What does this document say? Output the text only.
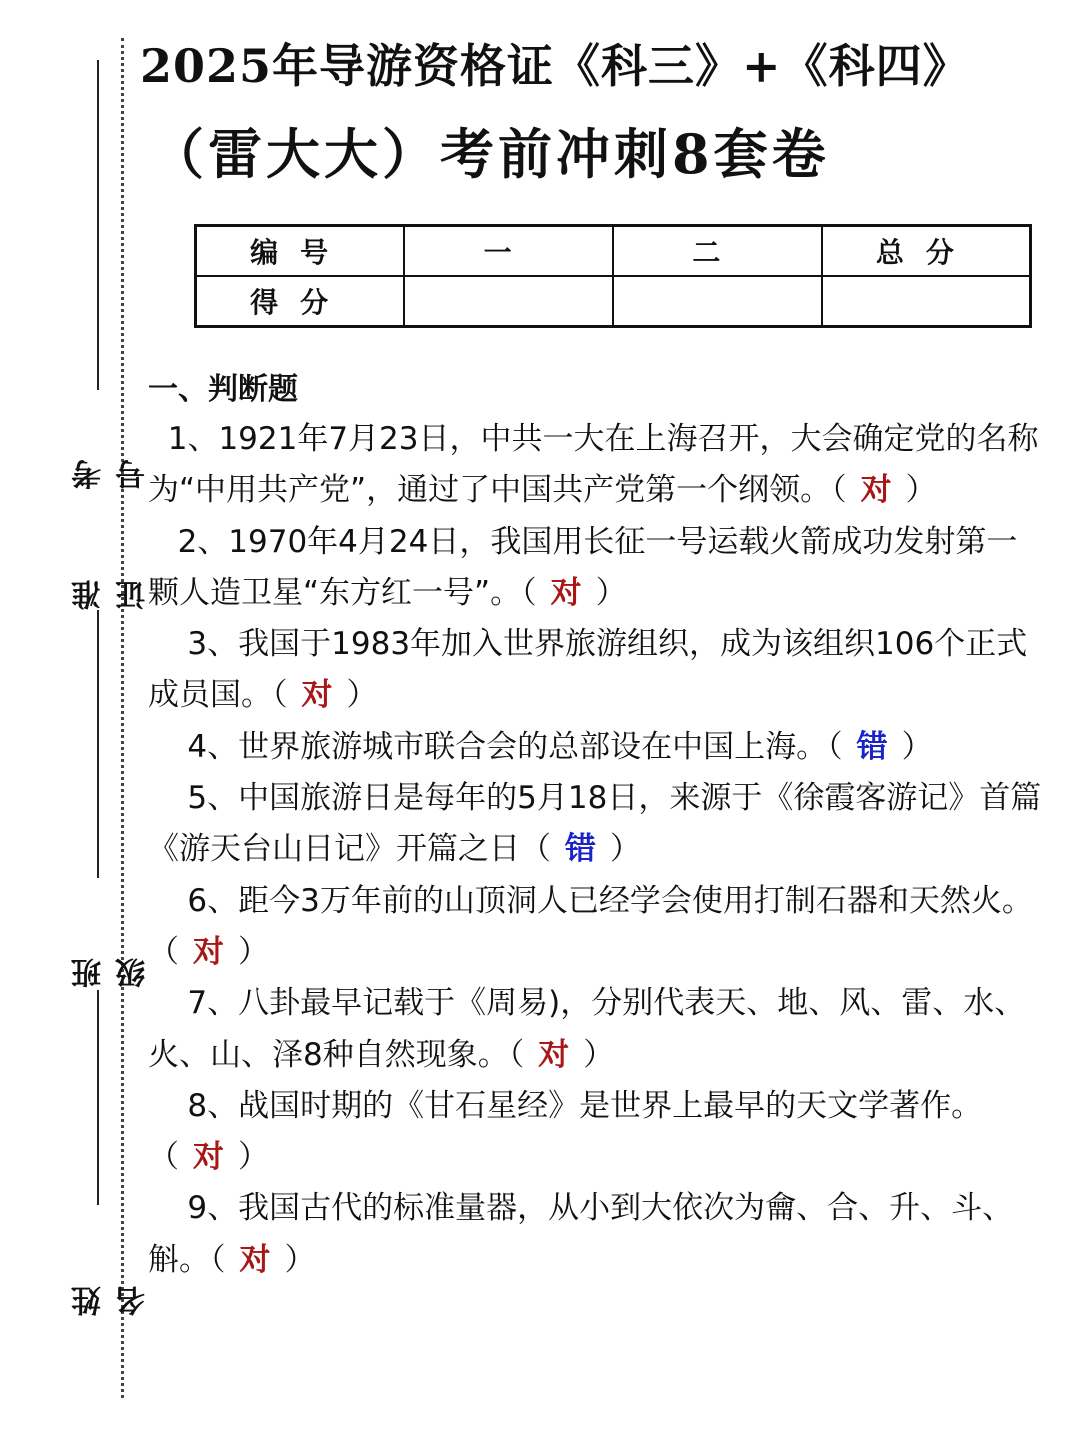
准 考 证 号
班 级
姓 名
2025年导游资格证《科三》+《科四》
（雷大大）考前冲刺8套卷
编号	一	二	总分
得分			
一、判断题

1、1921年7月23日，中共一大在上海召开，大会确定党的名称为“中用共产党”，通过了中国共产党第一个纲领。（ 对 ）

2、1970年4月24日，我国用长征一号运载火箭成功发射第一颗人造卫星“东方红一号”。（ 对 ）

3、我国于1983年加入世界旅游组织，成为该组织106个正式成员国。（ 对 ）

4、世界旅游城市联合会的总部设在中国上海。（ 错 ）

5、中国旅游日是每年的5月18日，来源于《徐霞客游记》首篇《游天台山日记》开篇之日（ 错 ）

6、距今3万年前的山顶洞人已经学会使用打制石器和天然火。（ 对 ）

7、八卦最早记载于《周易)，分别代表天、地、风、雷、水、火、山、泽8种自然现象。（ 对 ）

8、战国时期的《甘石星经》是世界上最早的天文学著作。（ 对 ）

9、我国古代的标准量器，从小到大依次为龠、合、升、斗、斛。（ 对 ）
